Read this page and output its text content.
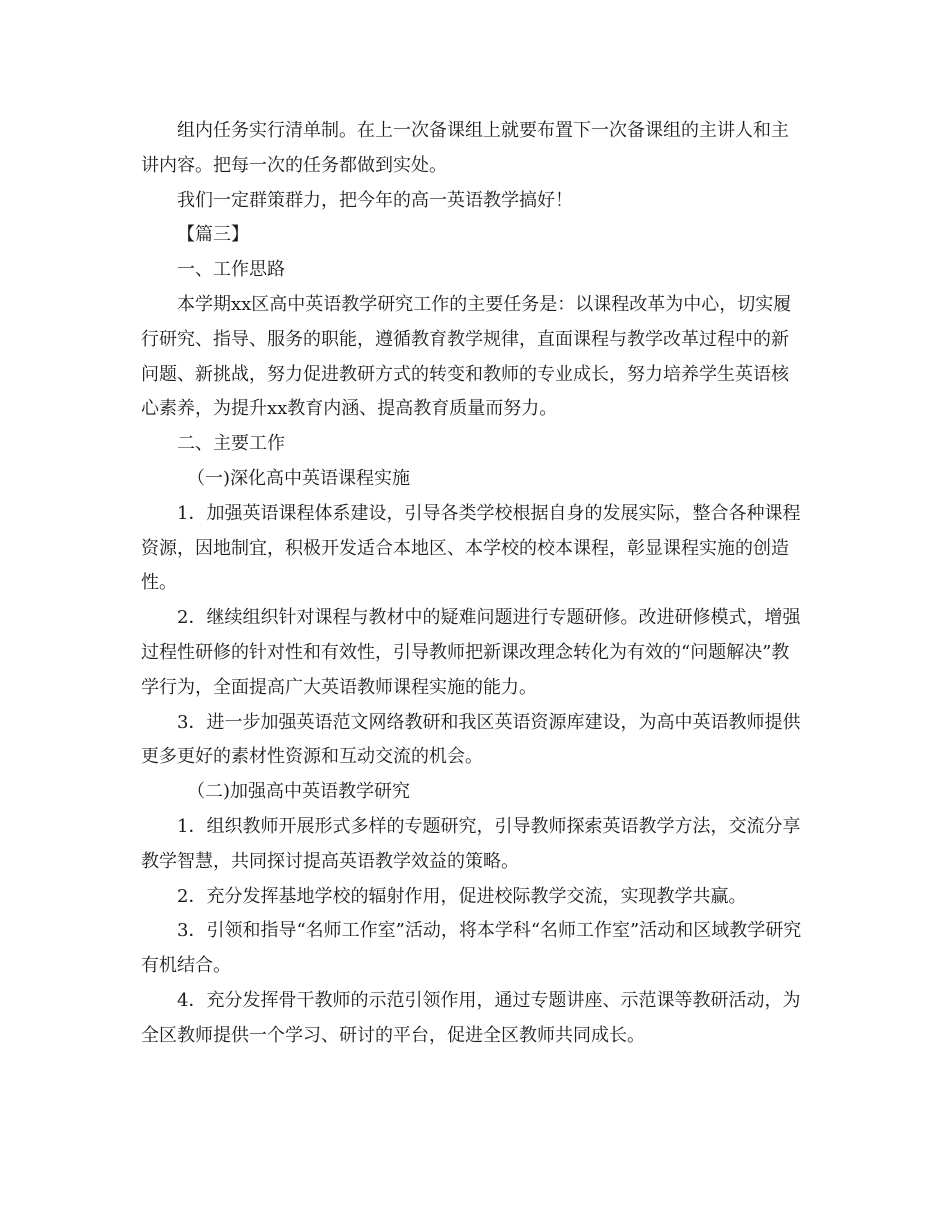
组内任务实行清单制。在上一次备课组上就要布置下一次备课组的主讲人和主讲内容。把每一次的任务都做到实处。

我们一定群策群力，把今年的高一英语教学搞好！

【篇三】

一、工作思路

本学期xx区高中英语教学研究工作的主要任务是：以课程改革为中心，切实履行研究、指导、服务的职能，遵循教育教学规律，直面课程与教学改革过程中的新问题、新挑战，努力促进教研方式的转变和教师的专业成长，努力培养学生英语核心素养，为提升xx教育内涵、提高教育质量而努力。

二、主要工作

（一)深化高中英语课程实施

1．加强英语课程体系建设，引导各类学校根据自身的发展实际，整合各种课程资源，因地制宜，积极开发适合本地区、本学校的校本课程，彰显课程实施的创造性。

2．继续组织针对课程与教材中的疑难问题进行专题研修。改进研修模式，增强过程性研修的针对性和有效性，引导教师把新课改理念转化为有效的“问题解决”教学行为，全面提高广大英语教师课程实施的能力。

3．进一步加强英语范文网络教研和我区英语资源库建设，为高中英语教师提供更多更好的素材性资源和互动交流的机会。

（二)加强高中英语教学研究

1．组织教师开展形式多样的专题研究，引导教师探索英语教学方法，交流分享教学智慧，共同探讨提高英语教学效益的策略。

2．充分发挥基地学校的辐射作用，促进校际教学交流，实现教学共赢。

3．引领和指导“名师工作室”活动，将本学科“名师工作室”活动和区域教学研究有机结合。

4．充分发挥骨干教师的示范引领作用，通过专题讲座、示范课等教研活动，为全区教师提供一个学习、研讨的平台，促进全区教师共同成长。
